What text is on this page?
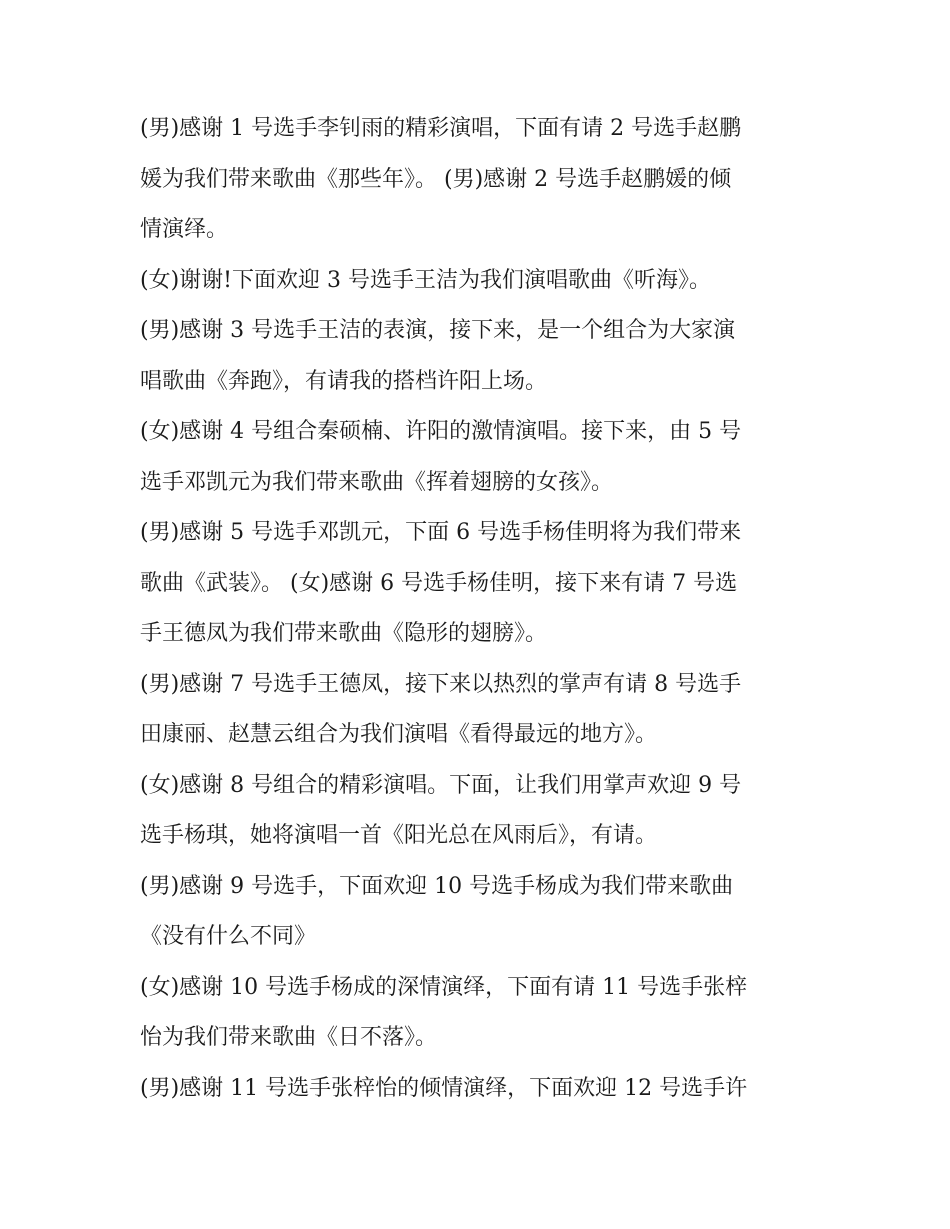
(男)感谢 1 号选手李钊雨的精彩演唱，下面有请 2 号选手赵鹏
媛为我们带来歌曲《那些年》。 (男)感谢 2 号选手赵鹏媛的倾
情演绎。
(女)谢谢!下面欢迎 3 号选手王洁为我们演唱歌曲《听海》。
(男)感谢 3 号选手王洁的表演，接下来，是一个组合为大家演
唱歌曲《奔跑》，有请我的搭档许阳上场。
(女)感谢 4 号组合秦硕楠、许阳的激情演唱。接下来，由 5 号
选手邓凯元为我们带来歌曲《挥着翅膀的女孩》。
(男)感谢 5 号选手邓凯元，下面 6 号选手杨佳明将为我们带来
歌曲《武装》。 (女)感谢 6 号选手杨佳明，接下来有请 7 号选
手王德凤为我们带来歌曲《隐形的翅膀》。
(男)感谢 7 号选手王德凤，接下来以热烈的掌声有请 8 号选手
田康丽、赵慧云组合为我们演唱《看得最远的地方》。
(女)感谢 8 号组合的精彩演唱。下面，让我们用掌声欢迎 9 号
选手杨琪，她将演唱一首《阳光总在风雨后》，有请。
(男)感谢 9 号选手，下面欢迎 10 号选手杨成为我们带来歌曲
《没有什么不同》
(女)感谢 10 号选手杨成的深情演绎，下面有请 11 号选手张梓
怡为我们带来歌曲《日不落》。
(男)感谢 11 号选手张梓怡的倾情演绎，下面欢迎 12 号选手许
